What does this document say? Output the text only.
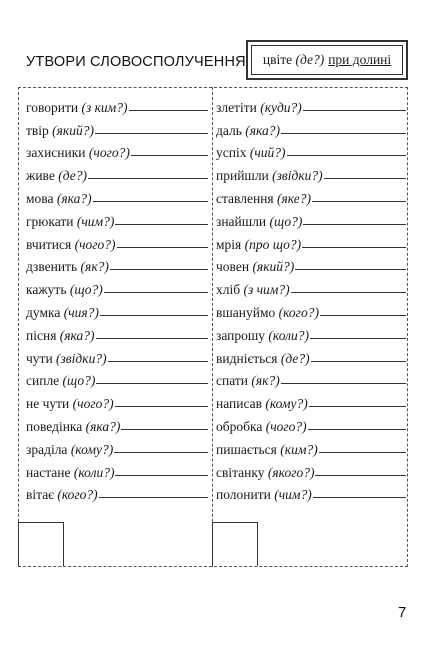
УТВОРИ СЛОВОСПОЛУЧЕННЯ цвіте
(де?) при долині
говорити
(з ким?)
твір
(який?)
захисники
(чого?)
живе
(де?)
мова
(яка?)
грюкати
(чим?)
вчитися
(чого?)
дзвенить
(як?)
кажуть
(що?)
думка
(чия?)
пісня
(яка?)
чути
(звідки?)
сипле
(що?)
не чути
(чого?)
поведінка
(яка?)
зраділа
(кому?)
настане
(коли?)
вітає
(кого?)
злетіти
(куди?)
даль
(яка?)
успіх
(чий?)
прийшли
(звідки?)
ставлення
(яке?)
знайшли
(що?)
мрія
(про що?)
човен
(який?)
хліб
(з чим?)
вшануймо
(кого?)
запрошу
(коли?)
видніється
(де?)
спати
(як?)
написав
(кому?)
обробка
(чого?)
пишається
(ким?)
світанку
(якого?)
полонити
(чим?)
7
